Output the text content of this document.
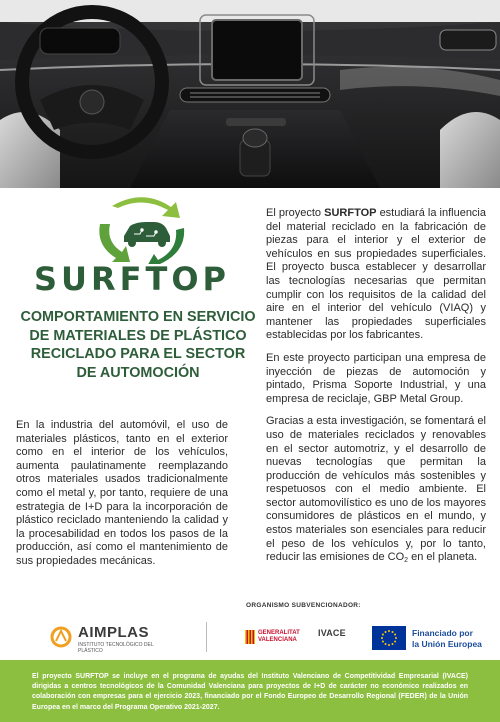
SURFTOP
COMPORTAMIENTO EN SERVICIO DE MATERIALES DE PLÁSTICO RECICLADO PARA EL SECTOR DE AUTOMOCIÓN

En la industria del automóvil, el uso de materiales plásticos, tanto en el exterior como en el interior de los vehículos, aumenta paulatinamente reemplazando otros materiales usados tradicionalmente como el metal y, por tanto, requiere de una estrategia de I+D para la incorporación de plástico reciclado manteniendo la calidad y la procesabilidad en todos los pasos de la producción, así como el mantenimiento de sus propiedades mecánicas.

El proyecto SURFTOP estudiará la influencia del material reciclado en la fabricación de piezas para el interior y el exterior de vehículos en sus propiedades superficiales. El proyecto busca establecer y desarrollar las tecnologías necesarias que permitan cumplir con los requisitos de la calidad del aire en el interior del vehículo (VIAQ) y mantener las propiedades superficiales establecidas por los fabricantes.

En este proyecto participan una empresa de inyección de piezas de automoción y pintado, Prisma Soporte Industrial, y una empresa de reciclaje, GBP Metal Group.

Gracias a esta investigación, se fomentará el uso de materiales reciclados y renovables en el sector automotriz, y el desarrollo de nuevas tecnologías que permitan la producción de vehículos más sostenibles y respetuosos con el medio ambiente. El sector automovilístico es uno de los mayores consumidores de plásticos en el mundo, y estos materiales son esenciales para reducir el peso de los vehículos y, por lo tanto, reducir las emisiones de $CO_2$ en el planeta.

ORGANISMO SUBVENCIONADOR:
AIMPLAS
INSTITUTO TECNOLÓGICO DEL PLÁSTICO
GENERALITAT
VALENCIANA
IVACE	Financiado por
la Unión Europea

El proyecto SURFTOP se incluye en el programa de ayudas del Instituto Valenciano de Competitividad Empresarial (IVACE) dirigidas a centros tecnológicos de la Comunidad Valenciana para proyectos de I+D de carácter no económico realizados en colaboración con empresas para el ejercicio 2023, financiado por el Fondo Europeo de Desarrollo Regional (FEDER) de la Unión Europea en el marco del Programa Operativo 2021-2027.
